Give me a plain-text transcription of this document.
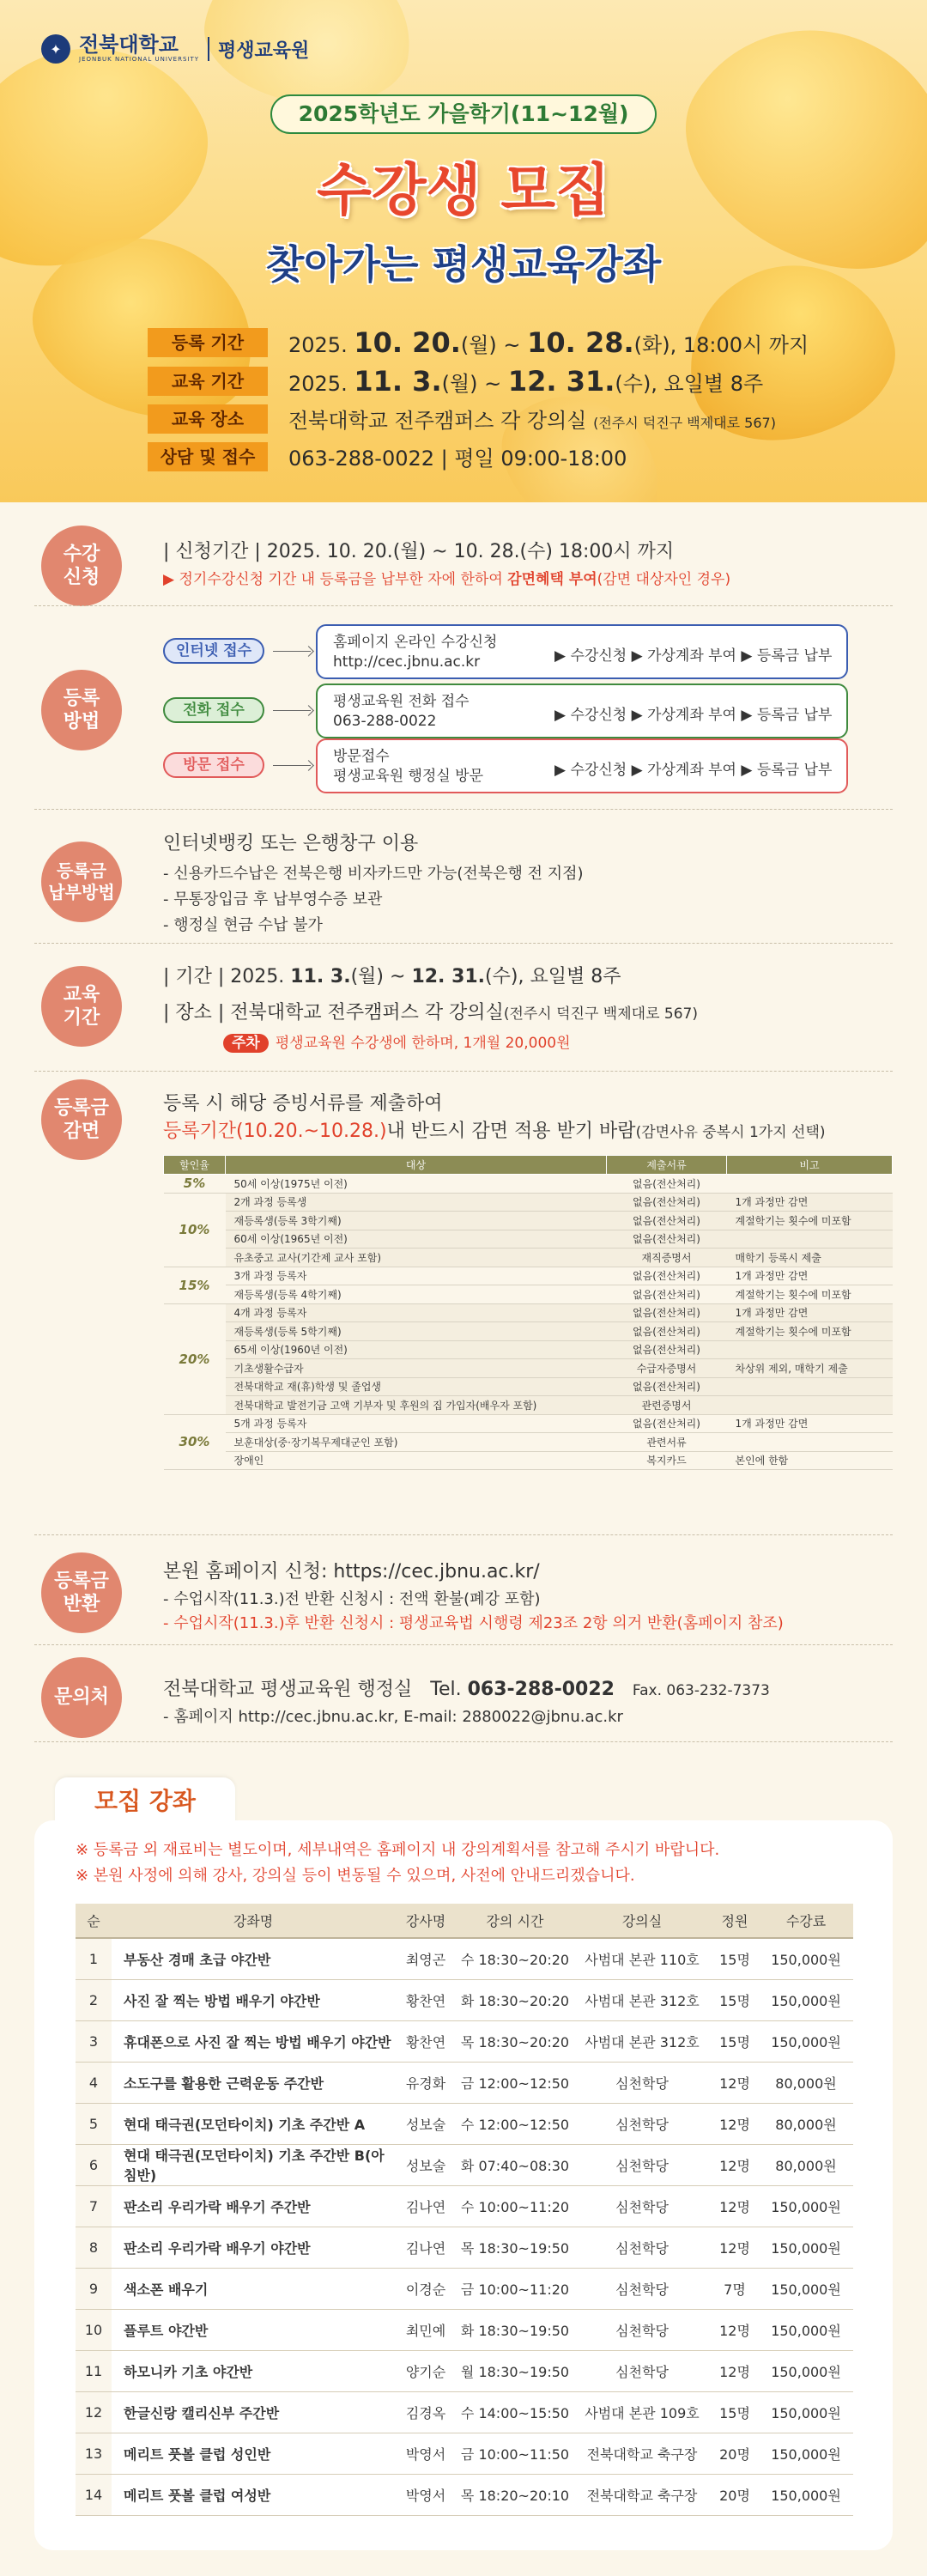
✦ 전북대학교
JEONBUK NATIONAL UNIVERSITY 평생교육원
2025학년도 가을학기(11~12월)
수강생 모집
찾아가는 평생교육강좌
등록 기간	2025. 10. 20.(월) ~ 10. 28.(화), 18:00시 까지
교육 기간	2025. 11. 3.(월) ~ 12. 31.(수), 요일별 8주
교육 장소	전북대학교 전주캠퍼스 각 강의실 (전주시 덕진구 백제대로 567)
상담 및 접수	063-288-0022 | 평일 09:00-18:00
수강
신청
| 신청기간 | 2025. 10. 20.(월) ~ 10. 28.(수) 18:00시 까지
▶ 정기수강신청 기간 내 등록금을 납부한 자에 한하여 감면혜택 부여(감면 대상자인 경우)
등록
방법
인터넷 접수	홈페이지 온라인 수강신청
http://cec.jbnu.ac.kr	▶ 수강신청 ▶ 가상계좌 부여 ▶ 등록금 납부
전화 접수	평생교육원 전화 접수
063-288-0022	▶ 수강신청 ▶ 가상계좌 부여 ▶ 등록금 납부
방문 접수	방문접수
평생교육원 행정실 방문	▶ 수강신청 ▶ 가상계좌 부여 ▶ 등록금 납부
등록금
납부방법
인터넷뱅킹 또는 은행창구 이용
- 신용카드수납은 전북은행 비자카드만 가능(전북은행 전 지점)
- 무통장입금 후 납부영수증 보관
- 행정실 현금 수납 불가
교육
기간
| 기간 | 2025. 11. 3.(월) ~ 12. 31.(수), 요일별 8주
| 장소 | 전북대학교 전주캠퍼스 각 강의실(전주시 덕진구 백제대로 567)
주차 평생교육원 수강생에 한하며, 1개월 20,000원
등록금
감면
등록 시 해당 증빙서류를 제출하여
등록기간(10.20.~10.28.)내 반드시 감면 적용 받기 바람(감면사유 중복시 1가지 선택)
할인율	대상	제출서류	비고
5%	50세 이상(1975년 이전)	없음(전산처리)	
10%	2개 과정 등록생	없음(전산처리)	1개 과정만 감면
	재등록생(등록 3학기째)	없음(전산처리)	계절학기는 횟수에 미포함
	60세 이상(1965년 이전)	없음(전산처리)	
	유초중고 교사(기간제 교사 포함)	재직증명서	매학기 등록시 제출
15%	3개 과정 등록자	없음(전산처리)	1개 과정만 감면
	재등록생(등록 4학기째)	없음(전산처리)	계절학기는 횟수에 미포함
20%	4개 과정 등록자	없음(전산처리)	1개 과정만 감면
	재등록생(등록 5학기째)	없음(전산처리)	계절학기는 횟수에 미포함
	65세 이상(1960년 이전)	없음(전산처리)	
	기초생활수급자	수급자증명서	차상위 제외, 매학기 제출
	전북대학교 재(휴)학생 및 졸업생	없음(전산처리)	
	전북대학교 발전기금 고액 기부자 및 후원의 집 가입자(배우자 포함)	관련증명서	
30%	5개 과정 등록자	없음(전산처리)	1개 과정만 감면
	보훈대상(중·장기복무제대군인 포함)	관련서류	
	장애인	복지카드	본인에 한함
등록금
반환
본원 홈페이지 신청: https://cec.jbnu.ac.kr/
- 수업시작(11.3.)전 반환 신청시 : 전액 환불(폐강 포함)
- 수업시작(11.3.)후 반환 신청시 : 평생교육법 시행령 제23조 2항 의거 반환(홈페이지 참조)
문의처	전북대학교 평생교육원 행정실 Tel. 063-288-0022 Fax. 063-232-7373
- 홈페이지 http://cec.jbnu.ac.kr, E-mail: 2880022@jbnu.ac.kr
모집 강좌
※ 등록금 외 재료비는 별도이며, 세부내역은 홈페이지 내 강의계획서를 참고해 주시기 바랍니다.
※ 본원 사정에 의해 강사, 강의실 등이 변동될 수 있으며, 사전에 안내드리겠습니다.
순	강좌명	강사명	강의 시간	강의실	정원	수강료
1	부동산 경매 초급 야간반	최영곤	수 18:30~20:20	사범대 본관 110호	15명	150,000원
2	사진 잘 찍는 방법 배우기 야간반	황찬연	화 18:30~20:20	사범대 본관 312호	15명	150,000원
3	휴대폰으로 사진 잘 찍는 방법 배우기 야간반	황찬연	목 18:30~20:20	사범대 본관 312호	15명	150,000원
4	소도구를 활용한 근력운동 주간반	유경화	금 12:00~12:50	심천학당	12명	80,000원
5	현대 태극권(모던타이치) 기초 주간반 A	성보술	수 12:00~12:50	심천학당	12명	80,000원
6	현대 태극권(모던타이치) 기초 주간반 B(아침반)	성보술	화 07:40~08:30	심천학당	12명	80,000원
7	판소리 우리가락 배우기 주간반	김나연	수 10:00~11:20	심천학당	12명	150,000원
8	판소리 우리가락 배우기 야간반	김나연	목 18:30~19:50	심천학당	12명	150,000원
9	색소폰 배우기	이경순	금 10:00~11:20	심천학당	7명	150,000원
10	플루트 야간반	최민예	화 18:30~19:50	심천학당	12명	150,000원
11	하모니카 기초 야간반	양기순	월 18:30~19:50	심천학당	12명	150,000원
12	한글신랑 캘리신부 주간반	김경옥	수 14:00~15:50	사범대 본관 109호	15명	150,000원
13	메리트 풋볼 클럽 성인반	박영서	금 10:00~11:50	전북대학교 축구장	20명	150,000원
14	메리트 풋볼 클럽 여성반	박영서	목 18:20~20:10	전북대학교 축구장	20명	150,000원
